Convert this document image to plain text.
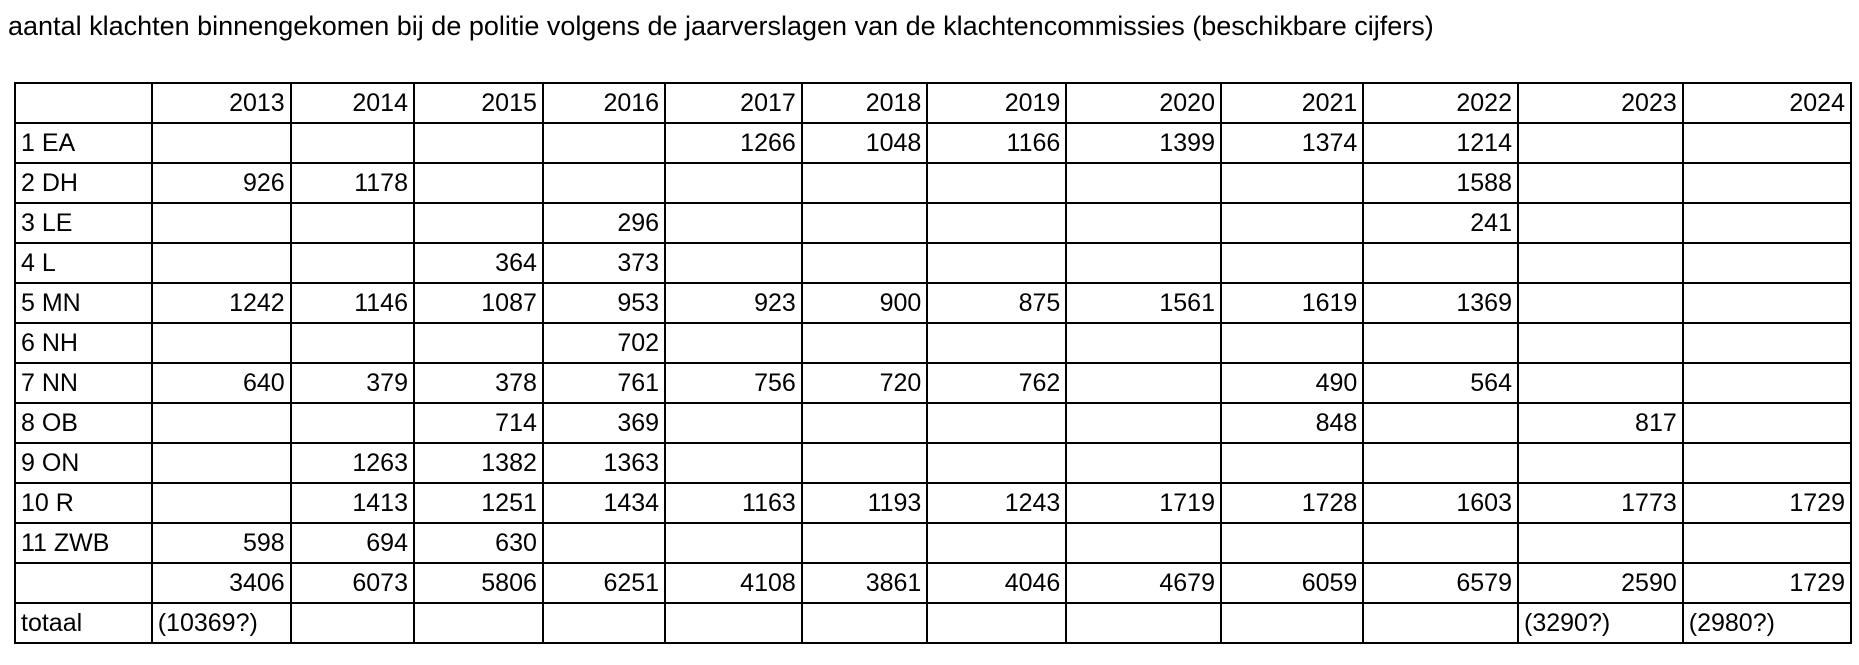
aantal klachten binnengekomen bij de politie volgens de jaarverslagen van de klachtencommissies (beschikbare cijfers)
	2013	2014	2015	2016	2017	2018	2019	2020	2021	2022	2023	2024
1 EA					1266	1048	1166	1399	1374	1214		
2 DH	926	1178								1588		
3 LE				296						241		
4 L			364	373								
5 MN	1242	1146	1087	953	923	900	875	1561	1619	1369		
6 NH				702								
7 NN	640	379	378	761	756	720	762		490	564		
8 OB			714	369					848		817	
9 ON		1263	1382	1363								
10 R		1413	1251	1434	1163	1193	1243	1719	1728	1603	1773	1729
11 ZWB	598	694	630									
	3406	6073	5806	6251	4108	3861	4046	4679	6059	6579	2590	1729
totaal	(10369?)										(3290?)	(2980?)
